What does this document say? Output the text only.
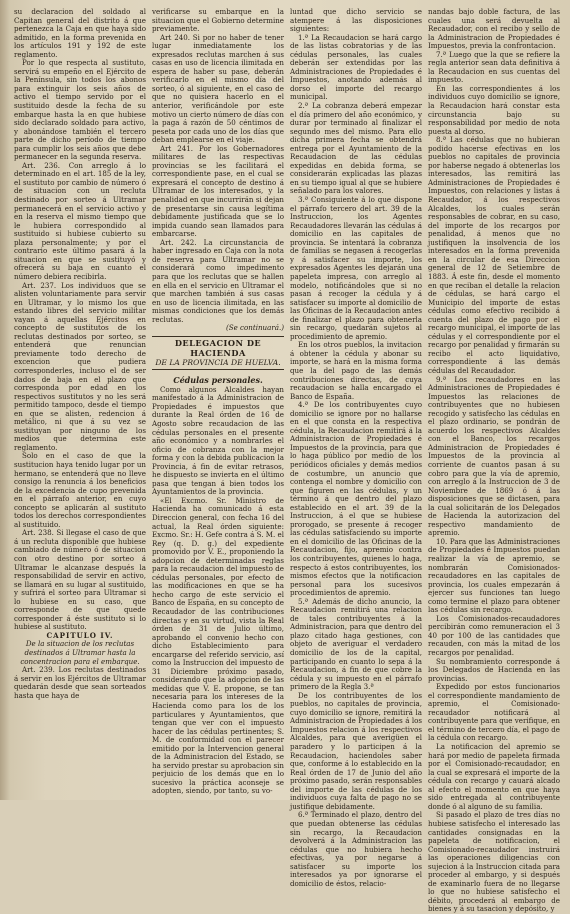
su declaracion del soldado al Capitan general del distrito á que pertenezca la Caja en que haya sido admitido, en la forma prevenida en los artículos 191 y 192 de este reglamento.

Por lo que respecta al sustituto, servirá su empeño en el Ejército de la Península, sin todos los abonos para extinguir los seis años de activo el tiempo servido por el sustituido desde la fecha de su embarque hasta la en que hubiese sido declarado soldado para activo, y abonándose también el tercero parte de dicho período de tiempo para cumplir los seis años que debe permanecer en la segunda reserva.

Art. 236. Con arreglo á lo determinado en el art. 185 de la ley, el sustituto por cambio de número ó de situacion con un recluta destinado por sorteo á Ultramar permanecerá en el servicio activo y en la reserva el mismo tiempo que le hubiera correspondido al sustituido si hubiese cubierto su plaza personalmente; y por el contrario este último pasará á la situacion en que se sustituyó y ofrecerá su baja en cuanto el número debiera recibirla.

Art. 237. Los individuos que se alisten voluntariamente para servir en Ultramar, y lo mismo los que estando libres del servicio militar vayan á aquellas Ejércitos en concepto de sustitutos de los reclutas destinados por sorteo, se entenderá que renuncian previamente todo derecho de excencion que pudiera corresponderles, incluso el de ser dados de baja en el plazo que corresponda por edad en los respectivos sustitutos y no les será permitido tampoco, desde el tiempo en que se alisten, redencion á metálico, ni que á su vez se sustituyan por ninguno de los medios que determina este reglamento.

Solo en el caso de que la sustitucion haya tenido lugar por un hermano, se entenderá que no lleve consigo la renuncia á los beneficios de la excedencia de cupo prevenida en el párrafo anterior, en cuyo concepto se aplicarán al sustituto todos los derechos correspondientes al sustituido.

Art. 238. Si llegase el caso de que á un recluta disponible que hubiese cambiado de número ó de situacion con otro destino por sorteo á Ultramar le alcanzase después la responsabilidad de servir en activo, se llamará en su lugar al sustituido, y sufrirá el sorteo para Ultramar si lo hubiese en su caso, que corresponde de que quede corresponder á éste sustituto si lo hubiese al sustituto.

CAPITULO IV.

De la situacion de los reclutas destinados á Ultramar hasta la concentracion para el embarque.

Art. 239. Los reclutas destinados á servir en los Ejércitos de Ultramar quedarán desde que sean sorteados hasta que haya de

verificarse su embarque en la situacion que el Gobierno determine previamente.

Art 240. Si por no haber de tener lugar inmediatamente los expresados reclutas marchen á sus casas en uso de licencia ilimitada en espera de haber su pase, deberán verificarlo en el mismo día del sorteo, ó al siguiente, en el caso de que no quisiera hacerlo en el anterior, verificándole por este motivo un cierto número de días con la paga á razón de 50 céntimos de peseta por cada uno de los días que deban emplearse en el viaje.

Art 241. Por los Gobernadores militares de las respectivas provincias se les facilitará el correspondiente pase, en el cual se expresará el concepto de destino á Ultramar de los interesados, y la penalidad en que incurrirán si dejan de presentarse sin causa legítima debidamente justificada que se lo impida cuando sean llamados para embarcarse.

Art. 242. La circunstancia de haber ingresado en Caja con la nota de reserva para Ultramar no se considerará como impedimento para que los reclutas que se hallen en ella en el servicio en Ultramar el que marchen también á sus casas en uso de licencia ilimitada, en las mismas condiciones que los demás reclutas.

(Se continuará.)

DELEGACION DE HACIENDA

DE LA PROVINCIA DE HUELVA.

Cédulas personales.

Como algunos Alcaldes hayan manifestado á la Administracion de Propiedades é impuestos que durante la Real órden de 16 de Agosto sobre recaudacion de las cédulas personales en el presente año económico y a nombrarles el oficio de cobranza con la mejor forma y con la debida publicacion la Provincia, á fin de evitar retrasos, he dispuesto se invierta en el último pasa que tengan á bien todos los Ayuntamientos de la provincia.

«El Excmo. Sr. Ministro de Hacienda ha comunicado á esta Direccion general, con fecha 16 del actual, la Real órden siguiente: Excmo. Sr.: H. Gefe contra á S. M. el Rey (q. D. g.) del expediente promovido por V. E., proponiendo la adopcion de determinadas reglas para la recaudacion del impuesto de cédulas personales, por efecto de las modificaciones en que se ha hecho cargo de este servicio el Banco de España, en su concepto de Recaudador de las contribuciones directas y en su virtud, vista la Real órden de 31 de Julio último, aprobando el convenio hecho con dicho Establecimiento para encargarse del referido servicio, así como la Instruccion del impuesto de 31 Diciembre próximo pasado, considerando que la adopcion de las medidas que V. E. propone, se tan necesaria para los intereses de la Hacienda como para los de los particulares y Ayuntamientos, que tengan que ver con el impuesto hacer de las cédulas pertinentes; S. M. de conformidad con el parecer emitido por la Intervencion general de la Administracion del Estado, se ha servido prestar su aprobacion sin perjuicio de los demás que en lo sucesivo la práctica aconseje se adopten, siendo, por tanto, su vo-

luntad que dicho servicio se atempere á las disposiciones siguientes:

1.ª La Recaudacion se hará cargo de las listas cobratorias y de las cédulas personales, las cuales deberán ser extendidas por las Administraciones de Propiedades é Impuestos, anotando además al dorso el importe del recargo municipal.

2.ª La cobranza deberá empezar el día primero del año económico, y durar por terminado al finalizar el segundo mes del mismo. Para ello dicha primera fecha se obtendrá entrega por el Ayuntamiento de la Recaudacion de las cédulas expedidas en debida forma, se considerarán explicadas las plazas en su tiempo igual al que se hubiere señalado para los valores.

3.ª Consiguiente á lo que dispone el párrafo tercero del art. 39 de la Instruccion, los Agentes Recaudadores llevarán las cédulas á domicilio en las capitales de provincia. Se intentará la cobranza de familias se negasen á recogerlas y á satisfacer su importe, los expresados Agentes les dejarán una papeleta impresa, con arreglo al modelo, notificándoles que si no pasan á recoger la cédula y á satisfacer su importe al domicilio de las Oficinas de la Recaudacion antes de finalizar el plazo para obtenerla sin recargo, quedarán sujetos al procedimiento de apremio.

En los otros pueblos, la invitacion á obtener la cédula y abonar su importe, se hará en la misma forma que la del pago de las demás contribuciones directas, de cuya recaudacion se halla encargado el Banco de España.

4.ª De los contribuyentes cuyo domicilio se ignore por no hallarse en el que consta en la respectiva cédula, la Recaudacion remitirá á la Administracion de Propiedades é Impuestos de la provincia, para que lo haga público por medio de los periódicos oficiales y demás medios de costumbre, un anuncio que contenga el nombre y domicilio con que figuren en las cédulas, y un término á que dentro del plazo establecido en el art. 39 de la Instruccion, á el que se hubiese prorogado, se presente á recoger las cédulas satisfaciendo su importe en el domicilio de las Oficinas de la Recaudacion, fijo, apremio contra los contribuyentes, quienes lo haga, respecto á estos contribuyentes, los mismos efectos que la notificacion personal para los sucesivos procedimientos de apremio.

5.ª Además de dicho anuncio, la Recaudacion remitirá una relacion de tales contribuyentes á la Administracion, para que dentro del plazo citado haga gestiones, con objeto de averiguar el verdadero domicilio de los de la capital, participando en cuanto lo sepa á la Recaudacion, á fin de que cobre la cédula y su impuesto en el párrafo primero de la Regla 3.ª

De los contribuyentes de los pueblos, no capitales de provincia, cuyo domicilio se ignore, remitirá la Administracion de Propiedades á los Impuestos relacion á los respectivos Alcaldes, para que averigüen el paradero y lo participen á la Recaudacion, haciendoles saber que, conforme á lo establecido en la Real órden de 17 de Junio del año próximo pasado, serán responsables del importe de las cédulas de los individuos cuya falta de pago no se justifique debidamente.

6.ª Terminado el plazo, dentro del que puedan obtenerse las cédulas sin recargo, la Recaudacion devolverá á la Administracion las cédulas que no hubiera hecho efectivas, ya por negarse á satisfacer su importe los interesados ya por ignorarse el domicilio de éstos, relacio-

nandas bajo doble factura, de las cuales una será devuelta al Recaudador, con el recibo y sello de la Administracion de Propiedades é Impuestos, previa la confrontacion.

7.ª Luego que la que se refiere la regla anterior sean data definitiva á la Recaudacion en sus cuentas del impuesto.

En las correspondientes á los individuos cuyo domicilio se ignore, la Recaudacion hará constar esta circunstancia bajo su responsabilidad por medio de nota puesta al dorso.

8.ª Las cédulas que no hubieran podido hacerse efectivas en los pueblos no capitales de provincia por haberse negado á obtenerlas los interesados, las remitirá las Administraciones de Propiedades é Impuestos, con relaciones y listas á Recaudador, á los respectivos Alcaldes, los cuales serán responsables de cobrar, en su caso, del importe de los recargos por penalidad, á menos que no justifiquen la insolvencia de los interesados en la forma prevenida en la circular de esa Direccion general de 12 de Setiembre de 1883. Á este fin, desde el momento en que reciban el detalle la relacion de cédulas, se hará cargo el Municipio del importe de estas cédulas como efectivo recibido á cuenta del plazo de pago por el recargo municipal, el importe de las cédulas y el correspondiente por el recargo por penalidad y firmarán su recibo el acto liquidativo, correspondiente á las demás cédulas del Recaudador.

9.ª Los recaudadores en las Administraciones de Propiedades é Impuestos las relaciones de contribuyentes que no hubiesen recogido y satisfecho las cédulas en el plazo ordinario, se pondrán de acuerdo los respectivos Alcaldes con el Banco, los recargos Administracion de Propiedades é Impuestos de la provincia al corriente de cuantos pasan á su cobro para que la vía de apremio, con arreglo á la Instruccion de 3 de Noviembre de 1869 ó á las disposiciones que se dictasen, para la cual solicitarán de los Delegados de Hacienda la autorizacion del respectivo mandamiento de apremio.

10. Para que las Administraciones de Propiedades é Impuestos puedan realizar la vía de apremio, se nombrarán Comisionados-recaudadores en las capitales de provincia, los cuales empezarán á ejercer sus funciones tan luego como termine el plazo para obtener las cédulas sin recargo.

Los Comisionados-recaudadores percibirán como remuneracion el 3 40 por 100 de las cantidades que recauden, con más la mitad de los recargos por penalidad.

Su nombramiento corresponde á los Delegados de Hacienda en las provincias.

Expedido por estos funcionarios el correspondiente mandamiento de apremio, el Comisionado-recaudador notificará al contribuyente para que verifique, en el término de tercero día, el pago de la cédula con recargo.

La notificacion del apremio se hará por medio de papeleta firmada por el Comisionado-recaudador, en la cual se expresará el importe de la cédula con recargo y cauará alcado al efecto el momento en que haya sido entregada al contribuyente donde ó al alguno de su familia.

Si pasado el plazo de tres días no hubiese satisfecho el interesado las cantidades consignadas en la papeleta de notificacion, el Comisionado-recaudador instruirá las operaciones diligencias con sujecion á la Instruccion citada para proceder al embargo, y si después de examinarlo fuera de no llegarse lo que no hubiese satisfecho el débito, procederá al embargo de bienes y á su tasacion y depósito, y
